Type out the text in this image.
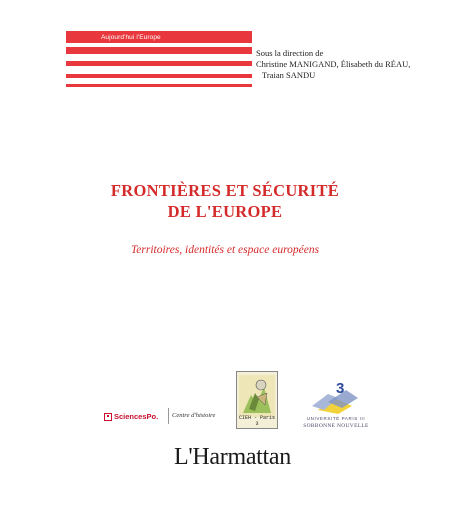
Aujourd'hui l'Europe
Sous la direction de
Christine MANIGAND, Élisabeth du RÉAU,
Traian SANDU
FRONTIÈRES ET SÉCURITÉ
DE L'EUROPE
Territoires, identités et espace européens
SciencesPo. Centre d'histoire	CIEH - Paris 3
3
UNIVERSITÉ PARIS III
SORBONNE NOUVELLE
L'Harmattan
